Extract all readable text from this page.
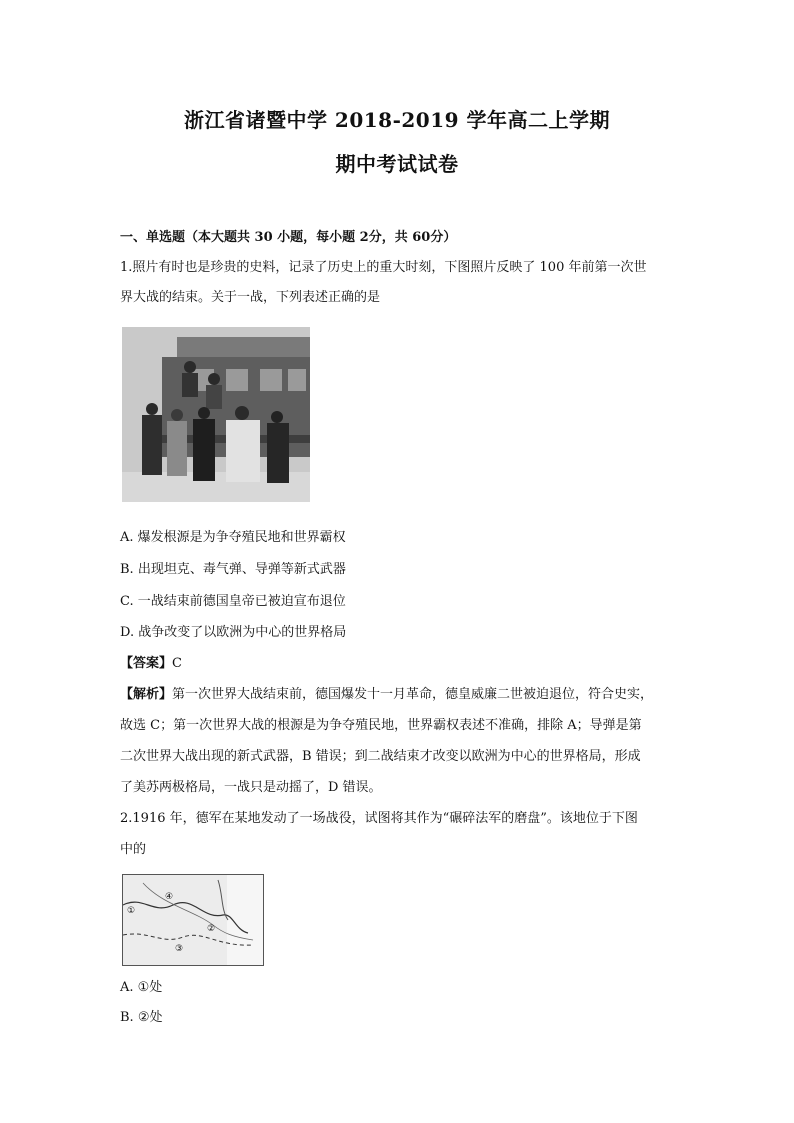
浙江省诸暨中学 2018-2019 学年高二上学期
期中考试试卷
一、单选题（本大题共 30 小题，每小题 2分，共 60分）
1.照片有时也是珍贵的史料，记录了历史上的重大时刻，下图照片反映了 100 年前第一次世
界大战的结束。关于一战，下列表述正确的是
A. 爆发根源是为争夺殖民地和世界霸权
B. 出现坦克、毒气弹、导弹等新式武器
C. 一战结束前德国皇帝已被迫宣布退位
D. 战争改变了以欧洲为中心的世界格局
【答案】C
【解析】第一次世界大战结束前，德国爆发十一月革命，德皇威廉二世被迫退位，符合史实，
故选 C；第一次世界大战的根源是为争夺殖民地，世界霸权表述不准确，排除 A；导弹是第
二次世界大战出现的新式武器，B 错误；到二战结束才改变以欧洲为中心的世界格局，形成
了美苏两极格局，一战只是动摇了，D 错误。
2.1916 年，德军在某地发动了一场战役，试图将其作为“碾碎法军的磨盘”。该地位于下图
中的
①
②
③
④
A. ①处
B. ②处
